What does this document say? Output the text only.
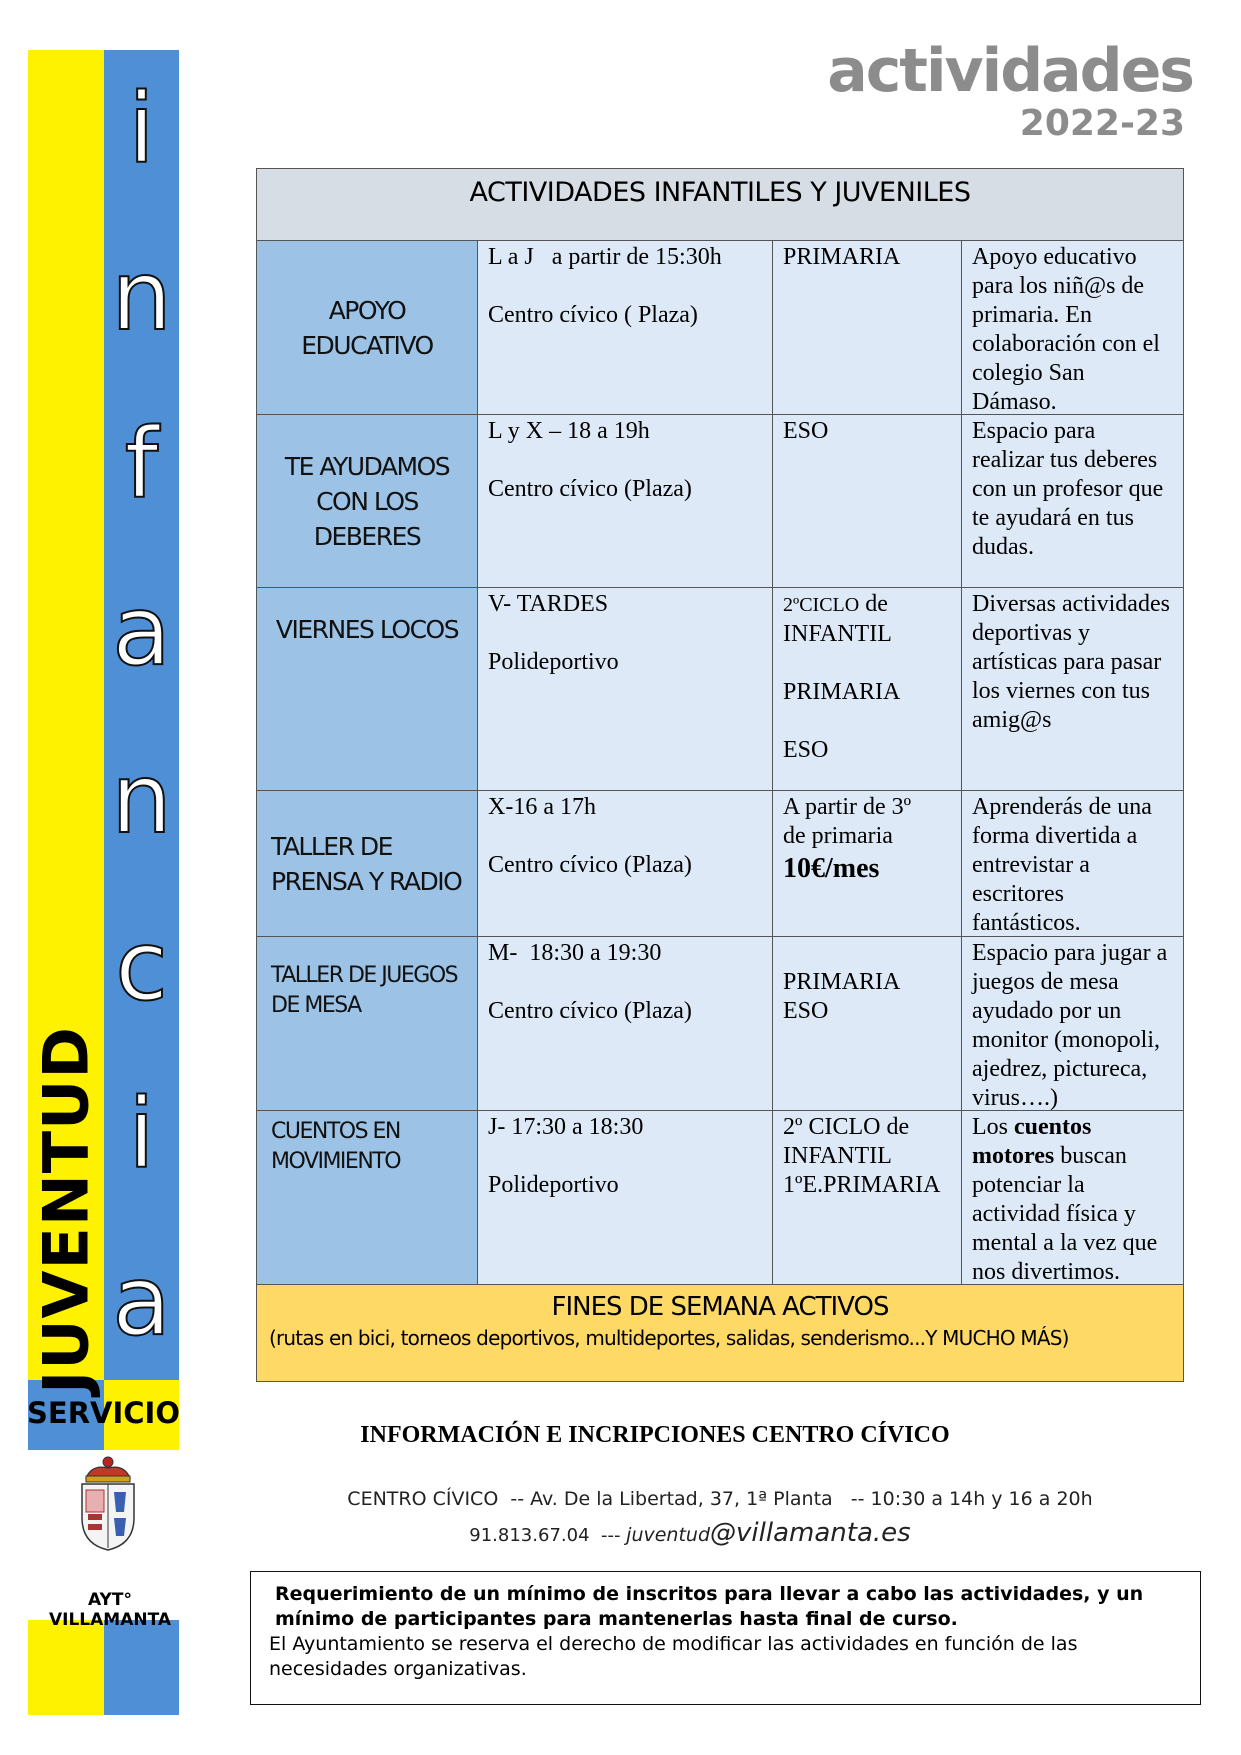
i
n
f
a
n
c
i
a
JUVENTUD
SERVICIO
AYT° VILLAMANTA
actividades
2022-23
ACTIVIDADES INFANTILES Y JUVENILES
APOYO
EDUCATIVO
L a J   a partir de 15:30h
Centro cívico ( Plaza)
PRIMARIA	Apoyo educativo para los niñ@s de primaria. En colaboración con el colegio San Dámaso.
TE AYUDAMOS
CON LOS
DEBERES
L y X – 18 a 19h
Centro cívico (Plaza)
ESO	Espacio para realizar tus deberes con un profesor que te ayudará en tus dudas.
VIERNES LOCOS
V- TARDES
Polideportivo
2ºCICLO de
INFANTIL
PRIMARIA
ESO
Diversas actividades deportivas y artísticas para pasar los viernes con tus amig@s
TALLER DE
PRENSA Y RADIO
X-16 a 17h
Centro cívico (Plaza)
A partir de 3º
de primaria
10€/mes
Aprenderás de una forma divertida a entrevistar a escritores fantásticos.
TALLER DE JUEGOS
DE MESA
M-  18:30 a 19:30
Centro cívico (Plaza)
PRIMARIA
ESO
Espacio para jugar a juegos de mesa ayudado por un monitor (monopoli, ajedrez, pictureca, virus….)
CUENTOS EN
MOVIMIENTO
J- 17:30 a 18:30
Polideportivo
2º CICLO de
INFANTIL
1ºE.PRIMARIA
Los cuentos motores buscan potenciar la actividad física y mental a la vez que nos divertimos.
FINES DE SEMANA ACTIVOS
(rutas en bici, torneos deportivos, multideportes, salidas, senderismo...Y MUCHO MÁS)
INFORMACIÓN E INCRIPCIONES CENTRO CÍVICO
CENTRO CÍVICO  -- Av. De la Libertad, 37, 1ª Planta   -- 10:30 a 14h y 16 a 20h
91.813.67.04  --- juventud@villamanta.es
Requerimiento de un mínimo de inscritos para llevar a cabo las actividades, y un mínimo de participantes para mantenerlas hasta final de curso.
El Ayuntamiento se reserva el derecho de modificar las actividades en función de las necesidades organizativas.
